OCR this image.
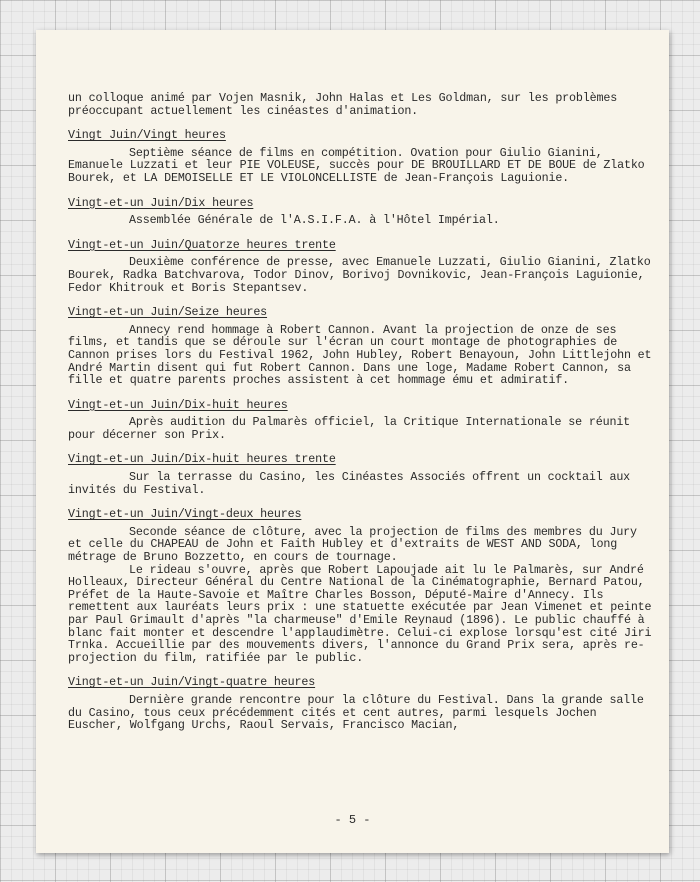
un colloque animé par Vojen Masnik, John Halas et Les Goldman, sur les problèmes préoccupant actuellement les cinéastes d'animation.

Vingt Juin/Vingt heures

Septième séance de films en compétition. Ovation pour Giulio Gianini, Emanuele Luzzati et leur PIE VOLEUSE, succès pour DE BROUILLARD ET DE BOUE de Zlatko Bourek, et LA DEMOISELLE ET LE VIOLONCELLISTE de Jean-François Laguionie.

Vingt-et-un Juin/Dix heures

Assemblée Générale de l'A.S.I.F.A. à l'Hôtel Impérial.

Vingt-et-un Juin/Quatorze heures trente

Deuxième conférence de presse, avec Emanuele Luzzati, Giulio Gianini, Zlatko Bourek, Radka Batchvarova, Todor Dinov, Borivoj Dovnikovic, Jean-François Laguionie, Fedor Khitrouk et Boris Stepantsev.

Vingt-et-un Juin/Seize heures

Annecy rend hommage à Robert Cannon. Avant la projection de onze de ses films, et tandis que se déroule sur l'écran un court montage de photographies de Cannon prises lors du Festival 1962, John Hubley, Robert Benayoun, John Littlejohn et André Martin disent qui fut Robert Cannon. Dans une loge, Madame Robert Cannon, sa fille et quatre parents proches assistent à cet hommage ému et admiratif.

Vingt-et-un Juin/Dix-huit heures

Après audition du Palmarès officiel, la Critique Internationale se réunit pour décerner son Prix.

Vingt-et-un Juin/Dix-huit heures trente

Sur la terrasse du Casino, les Cinéastes Associés offrent un cocktail aux invités du Festival.

Vingt-et-un Juin/Vingt-deux heures

Seconde séance de clôture, avec la projection de films des membres du Jury et celle du CHAPEAU de John et Faith Hubley et d'extraits de WEST AND SODA, long métrage de Bruno Bozzetto, en cours de tournage.

Le rideau s'ouvre, après que Robert Lapoujade ait lu le Palmarès, sur André Holleaux, Directeur Général du Centre National de la Cinématographie, Bernard Patou, Préfet de la Haute-Savoie et Maître Charles Bosson, Député-Maire d'Annecy. Ils remettent aux lauréats leurs prix : une statuette exécutée par Jean Vimenet et peinte par Paul Grimault d'après "la charmeuse" d'Emile Reynaud (1896). Le public chauffé à blanc fait monter et descendre l'applaudimètre. Celui-ci explose lorsqu'est cité Jiri Trnka. Accueillie par des mouvements divers, l'annonce du Grand Prix sera, après re-projection du film, ratifiée par le public.

Vingt-et-un Juin/Vingt-quatre heures

Dernière grande rencontre pour la clôture du Festival. Dans la grande salle du Casino, tous ceux précédemment cités et cent autres, parmi lesquels Jochen Euscher, Wolfgang Urchs, Raoul Servais, Francisco Macian,

- 5 -
